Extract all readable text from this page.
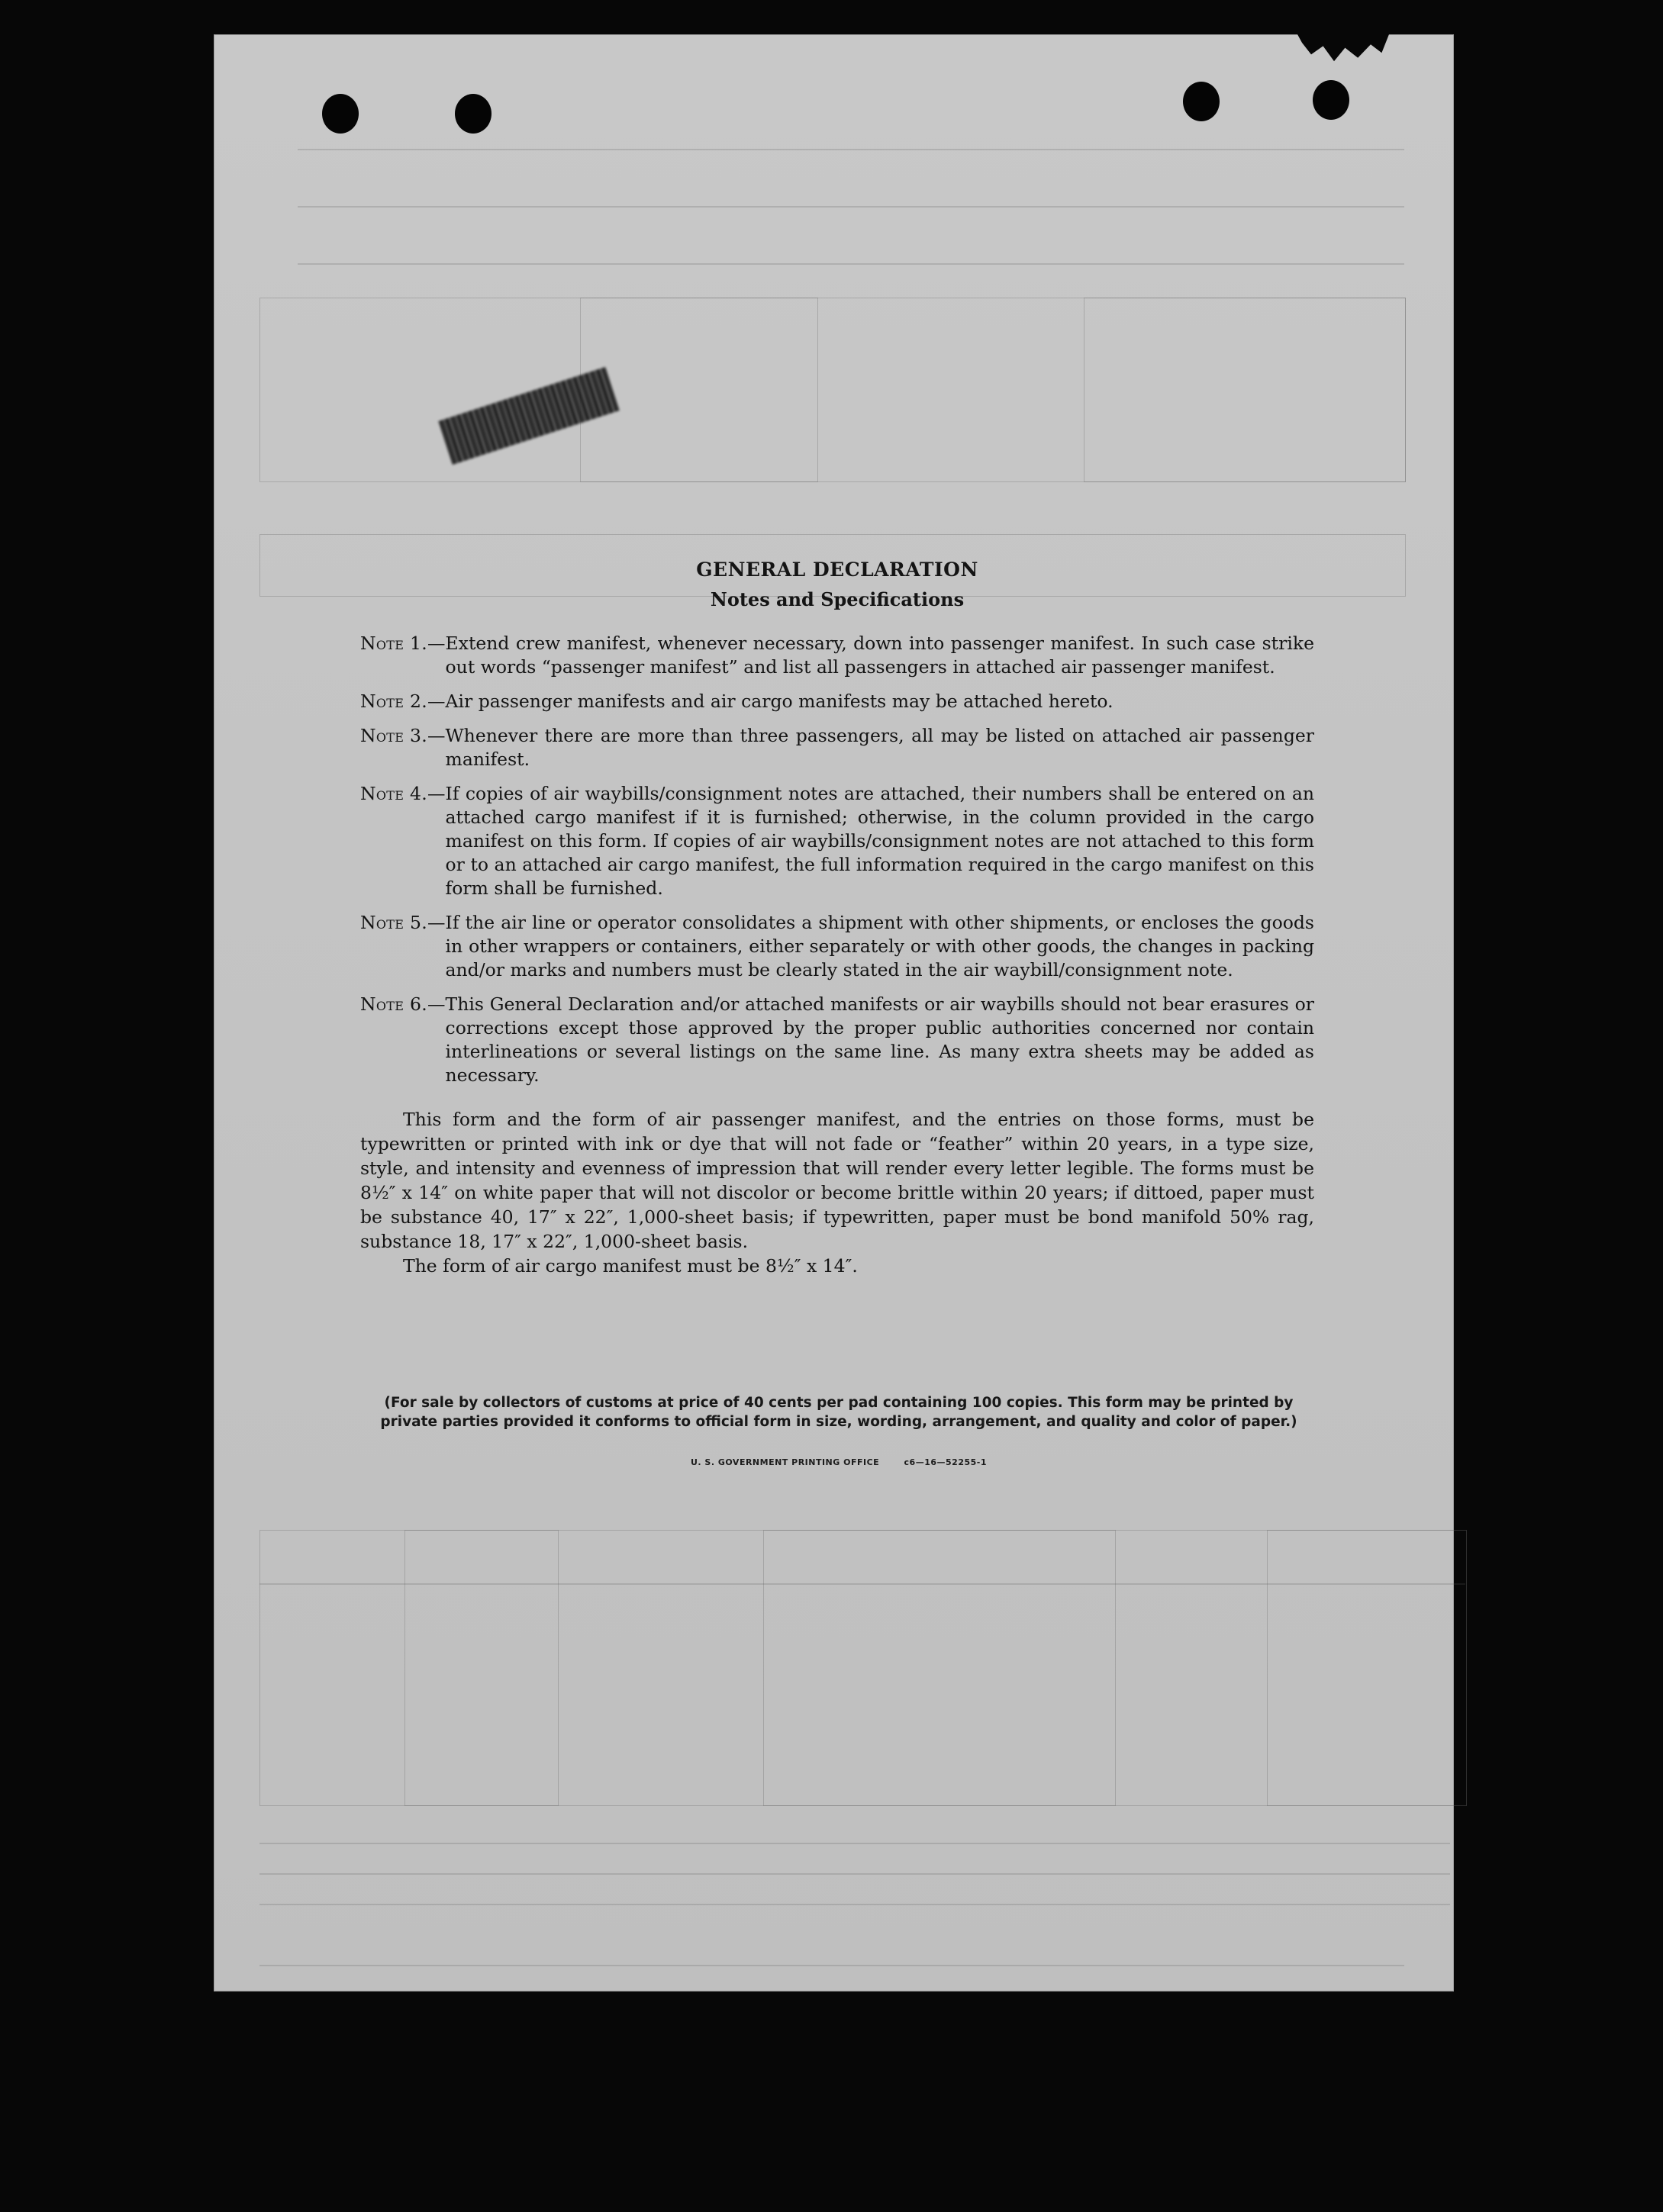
GENERAL DECLARATION
Notes and Specifications
Note 1. — Extend crew manifest, whenever necessary, down into passenger manifest. In such case strike out words “passenger manifest” and list all passengers in attached air passenger manifest.
Note 2. — Air passenger manifests and air cargo manifests may be attached hereto.
Note 3. — Whenever there are more than three passengers, all may be listed on attached air passenger manifest.
Note 4. — If copies of air waybills/consignment notes are attached, their numbers shall be entered on an attached cargo manifest if it is furnished; otherwise, in the column provided in the cargo manifest on this form. If copies of air waybills/consignment notes are not attached to this form or to an attached air cargo manifest, the full information required in the cargo manifest on this form shall be furnished.
Note 5. — If the air line or operator consolidates a shipment with other shipments, or encloses the goods in other wrappers or containers, either separately or with other goods, the changes in packing and/or marks and numbers must be clearly stated in the air waybill/consignment note.
Note 6. — This General Declaration and/or attached manifests or air waybills should not bear erasures or corrections except those approved by the proper public authorities concerned nor contain interlineations or several listings on the same line. As many extra sheets may be added as necessary.
This form and the form of air passenger manifest, and the entries on those forms, must be typewritten or printed with ink or dye that will not fade or “feather” within 20 years, in a type size, style, and intensity and evenness of impression that will render every letter legible. The forms must be 8½″ x 14″ on white paper that will not discolor or become brittle within 20 years; if dittoed, paper must be substance 40, 17″ x 22″, 1,000-sheet basis; if typewritten, paper must be bond manifold 50% rag, substance 18, 17″ x 22″, 1,000-sheet basis.
The form of air cargo manifest must be 8½″ x 14″.
(For sale by collectors of customs at price of 40 cents per pad containing 100 copies. This form may be printed by private parties provided it conforms to official form in size, wording, arrangement, and quality and color of paper.)
U. S. GOVERNMENT PRINTING OFFICE	c6—16—52255-1
